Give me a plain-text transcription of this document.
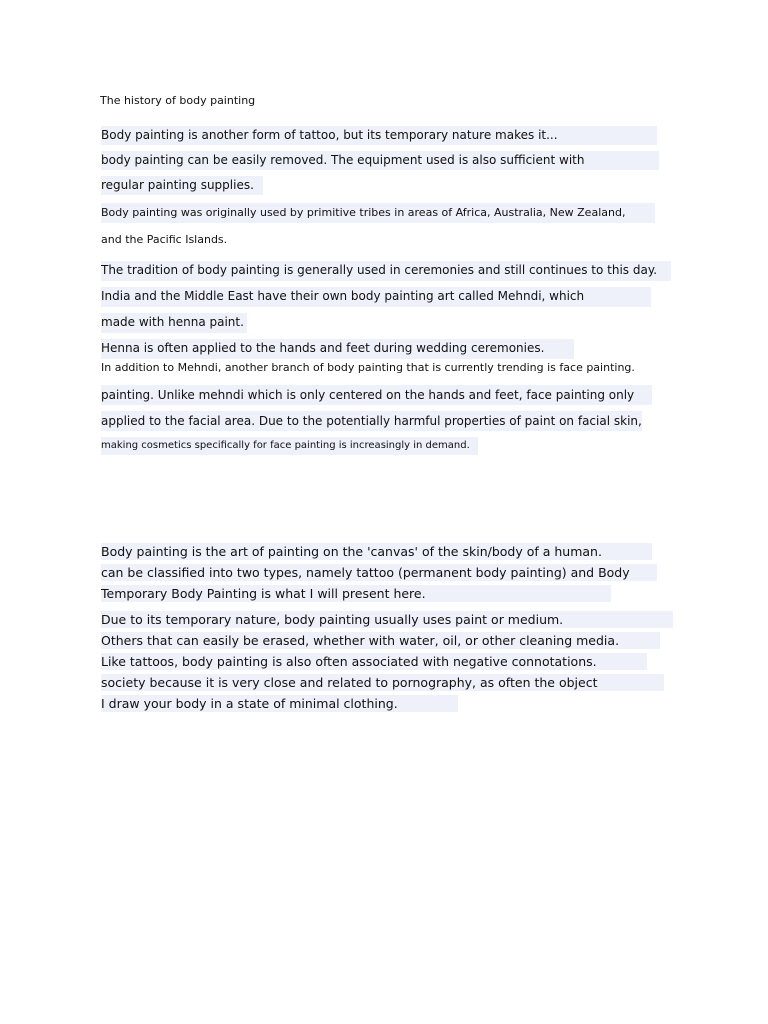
The history of body painting
Body painting is another form of tattoo, but its temporary nature makes it...
body painting can be easily removed. The equipment used is also sufficient with
regular painting supplies.
Body painting was originally used by primitive tribes in areas of Africa, Australia, New Zealand,
and the Pacific Islands.
The tradition of body painting is generally used in ceremonies and still continues to this day.
India and the Middle East have their own body painting art called Mehndi, which
made with henna paint.
Henna is often applied to the hands and feet during wedding ceremonies.
In addition to Mehndi, another branch of body painting that is currently trending is face painting.
painting. Unlike mehndi which is only centered on the hands and feet, face painting only
applied to the facial area. Due to the potentially harmful properties of paint on facial skin,
making cosmetics specifically for face painting is increasingly in demand.
Body painting is the art of painting on the 'canvas' of the skin/body of a human.
can be classified into two types, namely tattoo (permanent body painting) and Body
Temporary Body Painting is what I will present here.
Due to its temporary nature, body painting usually uses paint or medium.
Others that can easily be erased, whether with water, oil, or other cleaning media.
Like tattoos, body painting is also often associated with negative connotations.
society because it is very close and related to pornography, as often the object
I draw your body in a state of minimal clothing.
